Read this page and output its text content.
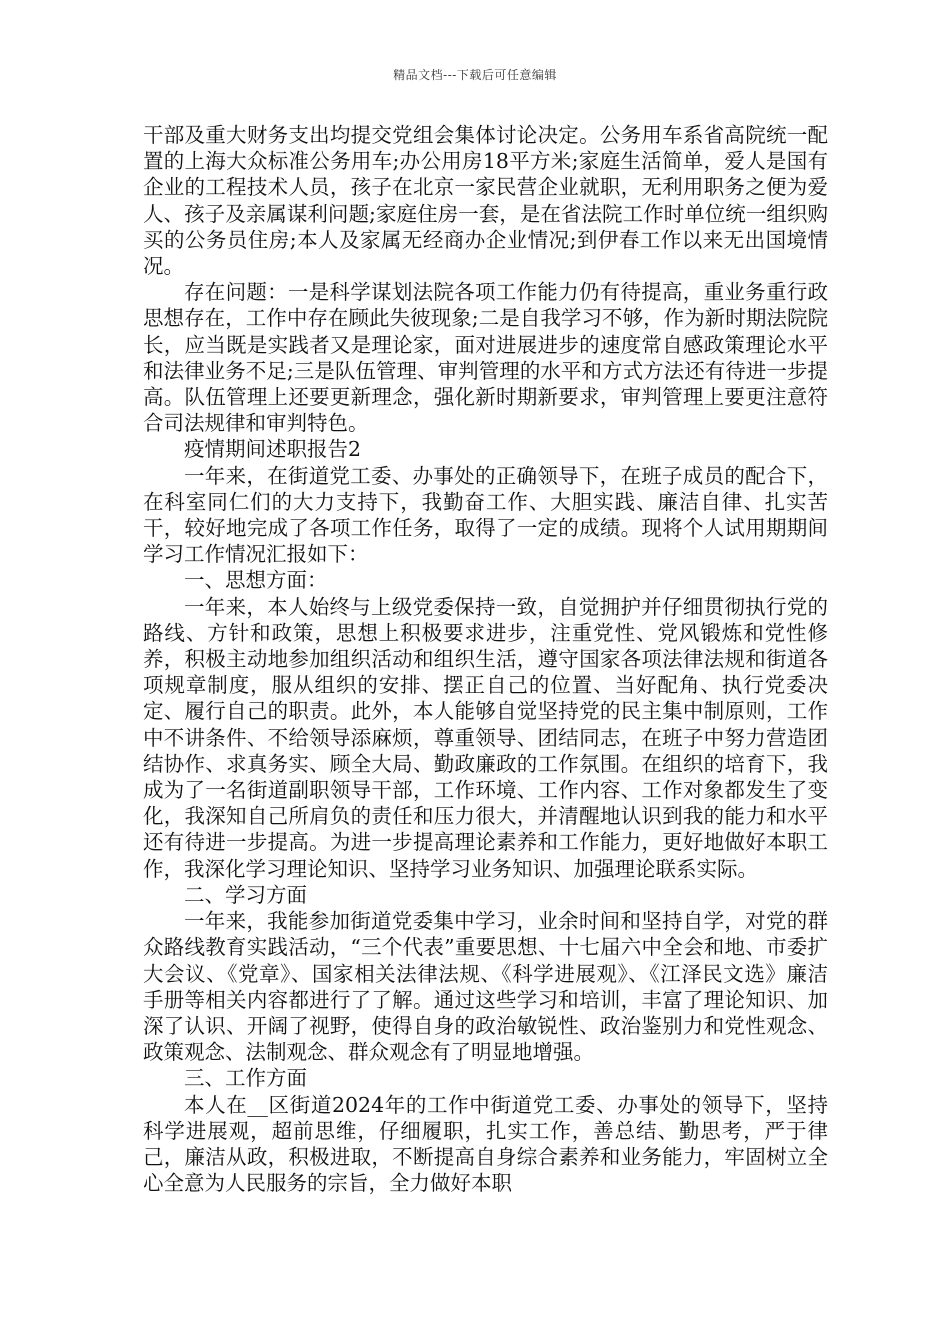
精品文档---下载后可任意编辑

干部及重大财务支出均提交党组会集体讨论决定。公务用车系省高院统一配置的上海大众标准公务用车;办公用房18平方米;家庭生活简单，爱人是国有企业的工程技术人员，孩子在北京一家民营企业就职，无利用职务之便为爱人、孩子及亲属谋利问题;家庭住房一套，是在省法院工作时单位统一组织购买的公务员住房;本人及家属无经商办企业情况;到伊春工作以来无出国境情况。

存在问题：一是科学谋划法院各项工作能力仍有待提高，重业务重行政思想存在，工作中存在顾此失彼现象;二是自我学习不够，作为新时期法院院长，应当既是实践者又是理论家，面对进展进步的速度常自感政策理论水平和法律业务不足;三是队伍管理、审判管理的水平和方式方法还有待进一步提高。队伍管理上还要更新理念，强化新时期新要求，审判管理上要更注意符合司法规律和审判特色。

疫情期间述职报告2

一年来，在街道党工委、办事处的正确领导下，在班子成员的配合下，在科室同仁们的大力支持下，我勤奋工作、大胆实践、廉洁自律、扎实苦干，较好地完成了各项工作任务，取得了一定的成绩。现将个人试用期期间学习工作情况汇报如下：

一、思想方面：

一年来，本人始终与上级党委保持一致，自觉拥护并仔细贯彻执行党的路线、方针和政策，思想上积极要求进步，注重党性、党风锻炼和党性修养，积极主动地参加组织活动和组织生活，遵守国家各项法律法规和街道各项规章制度，服从组织的安排、摆正自己的位置、当好配角、执行党委决定、履行自己的职责。此外，本人能够自觉坚持党的民主集中制原则，工作中不讲条件、不给领导添麻烦，尊重领导、团结同志，在班子中努力营造团结协作、求真务实、顾全大局、勤政廉政的工作氛围。在组织的培育下，我成为了一名街道副职领导干部，工作环境、工作内容、工作对象都发生了变化，我深知自己所肩负的责任和压力很大，并清醒地认识到我的能力和水平还有待进一步提高。为进一步提高理论素养和工作能力，更好地做好本职工作，我深化学习理论知识、坚持学习业务知识、加强理论联系实际。

二、学习方面

一年来，我能参加街道党委集中学习，业余时间和坚持自学，对党的群众路线教育实践活动，“三个代表”重要思想、十七届六中全会和地、市委扩大会议、《党章》、国家相关法律法规、《科学进展观》、《江泽民文选》廉洁手册等相关内容都进行了了解。通过这些学习和培训，丰富了理论知识、加深了认识、开阔了视野，使得自身的政治敏锐性、政治鉴别力和党性观念、政策观念、法制观念、群众观念有了明显地增强。

三、工作方面

本人在__区街道2024年的工作中街道党工委、办事处的领导下，坚持科学进展观，超前思维，仔细履职，扎实工作，善总结、勤思考，严于律己，廉洁从政，积极进取，不断提高自身综合素养和业务能力，牢固树立全心全意为人民服务的宗旨，全力做好本职
